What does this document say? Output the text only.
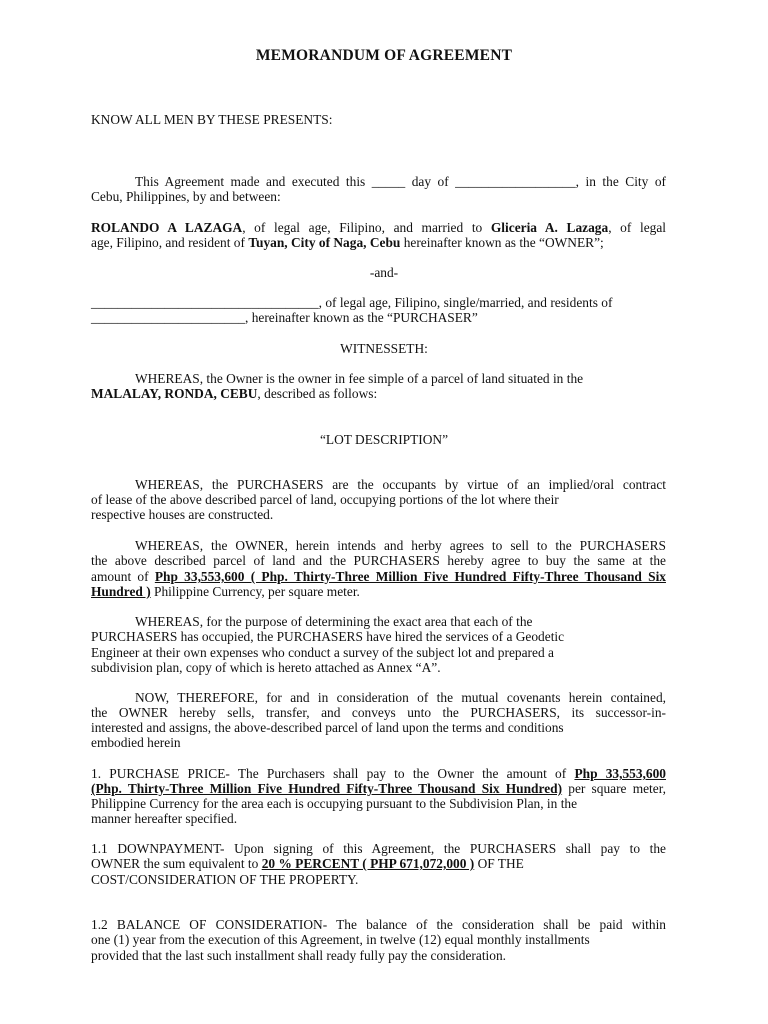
MEMORANDUM OF AGREEMENT
KNOW ALL MEN BY THESE PRESENTS:
This Agreement made and executed this _____ day of __________________, in the City of
Cebu, Philippines, by and between:
ROLANDO A LAZAGA, of legal age, Filipino, and married to Gliceria A. Lazaga, of legal
age, Filipino, and resident of Tuyan, City of Naga, Cebu hereinafter known as the “OWNER”;
-and-
__________________________________, of legal age, Filipino, single/married, and residents of
_______________________, hereinafter known as the “PURCHASER”
WITNESSETH:
WHEREAS, the Owner is the owner in fee simple of a parcel of land situated in the
MALALAY, RONDA, CEBU, described as follows:
“LOT DESCRIPTION”
WHEREAS, the PURCHASERS are the occupants by virtue of an implied/oral contract
of lease of the above described parcel of land, occupying portions of the lot where their
respective houses are constructed.
WHEREAS, the OWNER, herein intends and herby agrees to sell to the PURCHASERS
the above described parcel of land and the PURCHASERS hereby agree to buy the same at the
amount of Php 33,553,600 ( Php. Thirty-Three Million Five Hundred Fifty-Three Thousand Six
Hundred ) Philippine Currency, per square meter.
WHEREAS, for the purpose of determining the exact area that each of the
PURCHASERS has occupied, the PURCHASERS have hired the services of a Geodetic
Engineer at their own expenses who conduct a survey of the subject lot and prepared a
subdivision plan, copy of which is hereto attached as Annex “A”.
NOW, THEREFORE, for and in consideration of the mutual covenants herein contained,
the OWNER hereby sells, transfer, and conveys unto the PURCHASERS, its successor-in-
interested and assigns, the above-described parcel of land upon the terms and conditions
embodied herein
1. PURCHASE PRICE- The Purchasers shall pay to the Owner the amount of Php 33,553,600
(Php. Thirty-Three Million Five Hundred Fifty-Three Thousand Six Hundred) per square meter,
Philippine Currency for the area each is occupying pursuant to the Subdivision Plan, in the
manner hereafter specified.
1.1 DOWNPAYMENT- Upon signing of this Agreement, the PURCHASERS shall pay to the
OWNER the sum equivalent to 20 % PERCENT ( PHP 671,072,000 ) OF THE
COST/CONSIDERATION OF THE PROPERTY.
1.2 BALANCE OF CONSIDERATION- The balance of the consideration shall be paid within
one (1) year from the execution of this Agreement, in twelve (12) equal monthly installments
provided that the last such installment shall ready fully pay the consideration.
